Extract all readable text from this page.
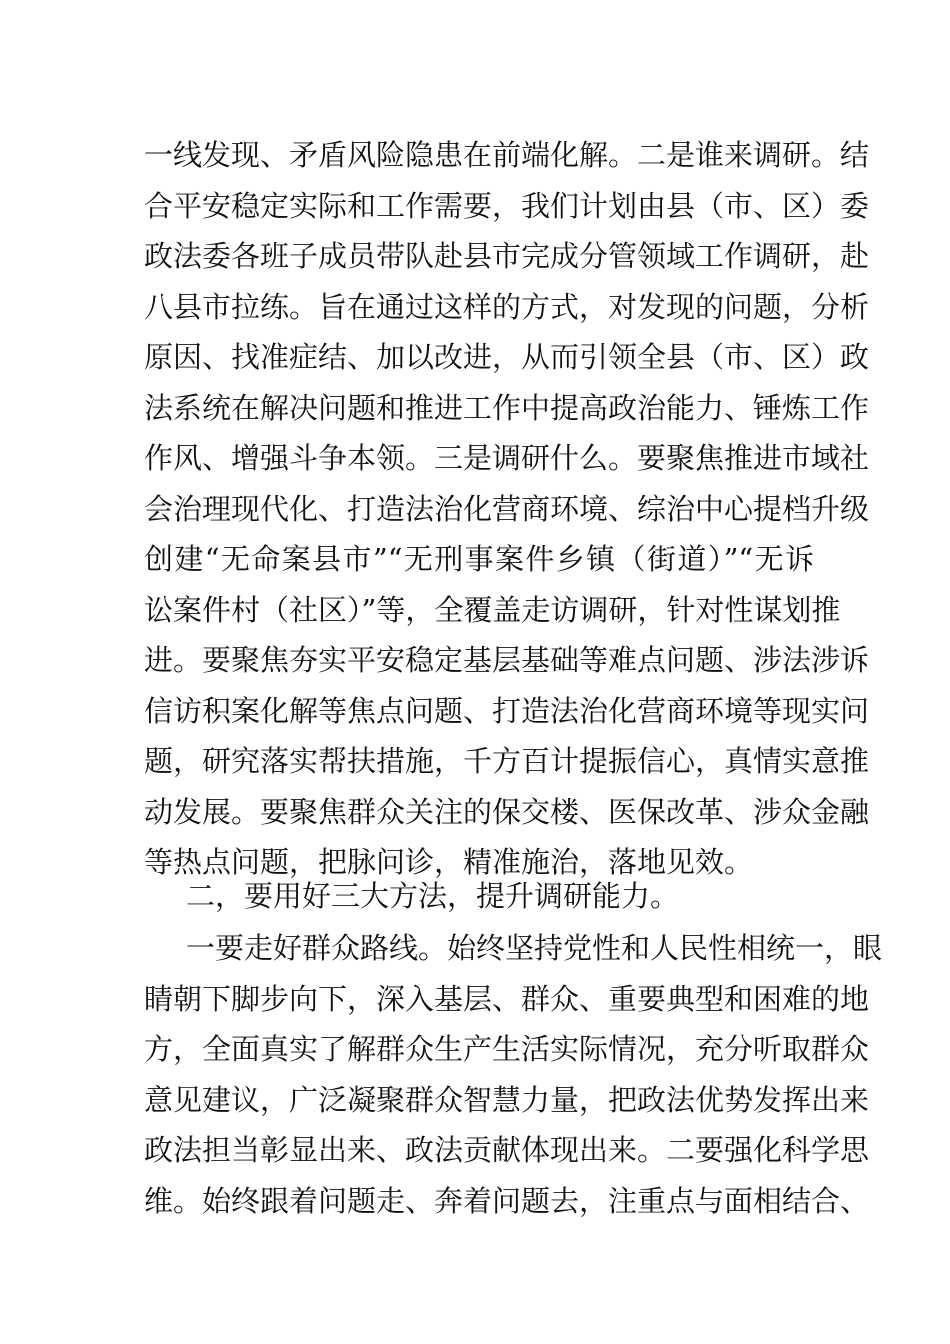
一线发现、矛盾风险隐患在前端化解。二是谁来调研。结
合平安稳定实际和工作需要，我们计划由县（市、区）委
政法委各班子成员带队赴县市完成分管领域工作调研，赴
八县市拉练。旨在通过这样的方式，对发现的问题，分析
原因、找准症结、加以改进，从而引领全县（市、区）政
法系统在解决问题和推进工作中提高政治能力、锤炼工作
作风、增强斗争本领。三是调研什么。要聚焦推进市域社
会治理现代化、打造法治化营商环境、综治中心提档升级
创建“无命案县市”“无刑事案件乡镇（街道）”“无诉
讼案件村（社区）”等，全覆盖走访调研，针对性谋划推
进。要聚焦夯实平安稳定基层基础等难点问题、涉法涉诉
信访积案化解等焦点问题、打造法治化营商环境等现实问
题，研究落实帮扶措施，千方百计提振信心，真情实意推
动发展。要聚焦群众关注的保交楼、医保改革、涉众金融
等热点问题，把脉问诊，精准施治，落地见效。
二，要用好三大方法，提升调研能力。
一要走好群众路线。始终坚持党性和人民性相统一，眼
睛朝下脚步向下，深入基层、群众、重要典型和困难的地
方，全面真实了解群众生产生活实际情况，充分听取群众
意见建议，广泛凝聚群众智慧力量，把政法优势发挥出来
政法担当彰显出来、政法贡献体现出来。二要强化科学思
维。始终跟着问题走、奔着问题去，注重点与面相结合、
